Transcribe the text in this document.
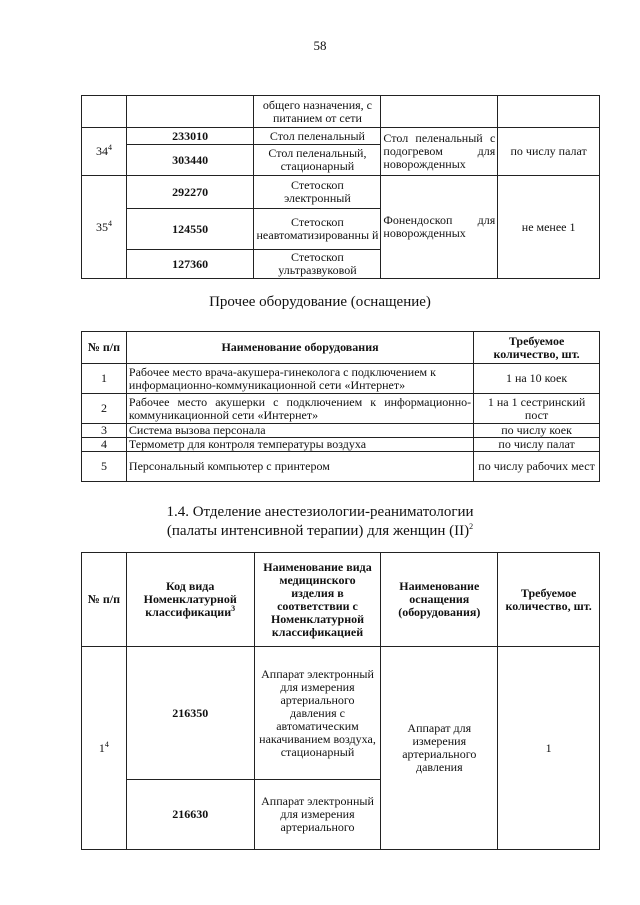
58
		общего назначения, с питанием от сети		
$34^4$	233010	Стол пеленальный	Стол пеленальный с подогревом для новорожденных	по числу палат
	303440	Стол пеленальный, стационарный		
$35^4$	292270	Стетоскоп электронный	Фонендоскоп для новорожденных	не менее 1
	124550	Стетоскоп неавтоматизированны й		
	127360	Стетоскоп ультразвуковой		
Прочее оборудование (оснащение)
№ п/п	Наименование оборудования	Требуемое количество, шт.
1	Рабочее место врача-акушера-гинеколога с подключением к информационно-коммуникационной сети «Интернет»	1 на 10 коек
2	Рабочее место акушерки с подключением к информационно-коммуникационной сети «Интернет»	1 на 1 сестринский пост
3	Система вызова персонала	по числу коек
4	Термометр для контроля температуры воздуха	по числу палат
5	Персональный компьютер с принтером	по числу рабочих мест
1.4. Отделение анестезиологии-реаниматологии
(палаты интенсивной терапии) для женщин (II)$^2$
№ п/п	Код вида Номенклатурной классификации$^3$	Наименование вида медицинского изделия в соответствии с Номенклатурной классификацией	Наименование оснащения (оборудования)	Требуемое количество, шт.
$1^4$	216350	Аппарат электронный для измерения артериального давления с автоматическим накачиванием воздуха, стационарный	Аппарат для измерения артериального давления	1
	216630	Аппарат электронный для измерения артериального		
